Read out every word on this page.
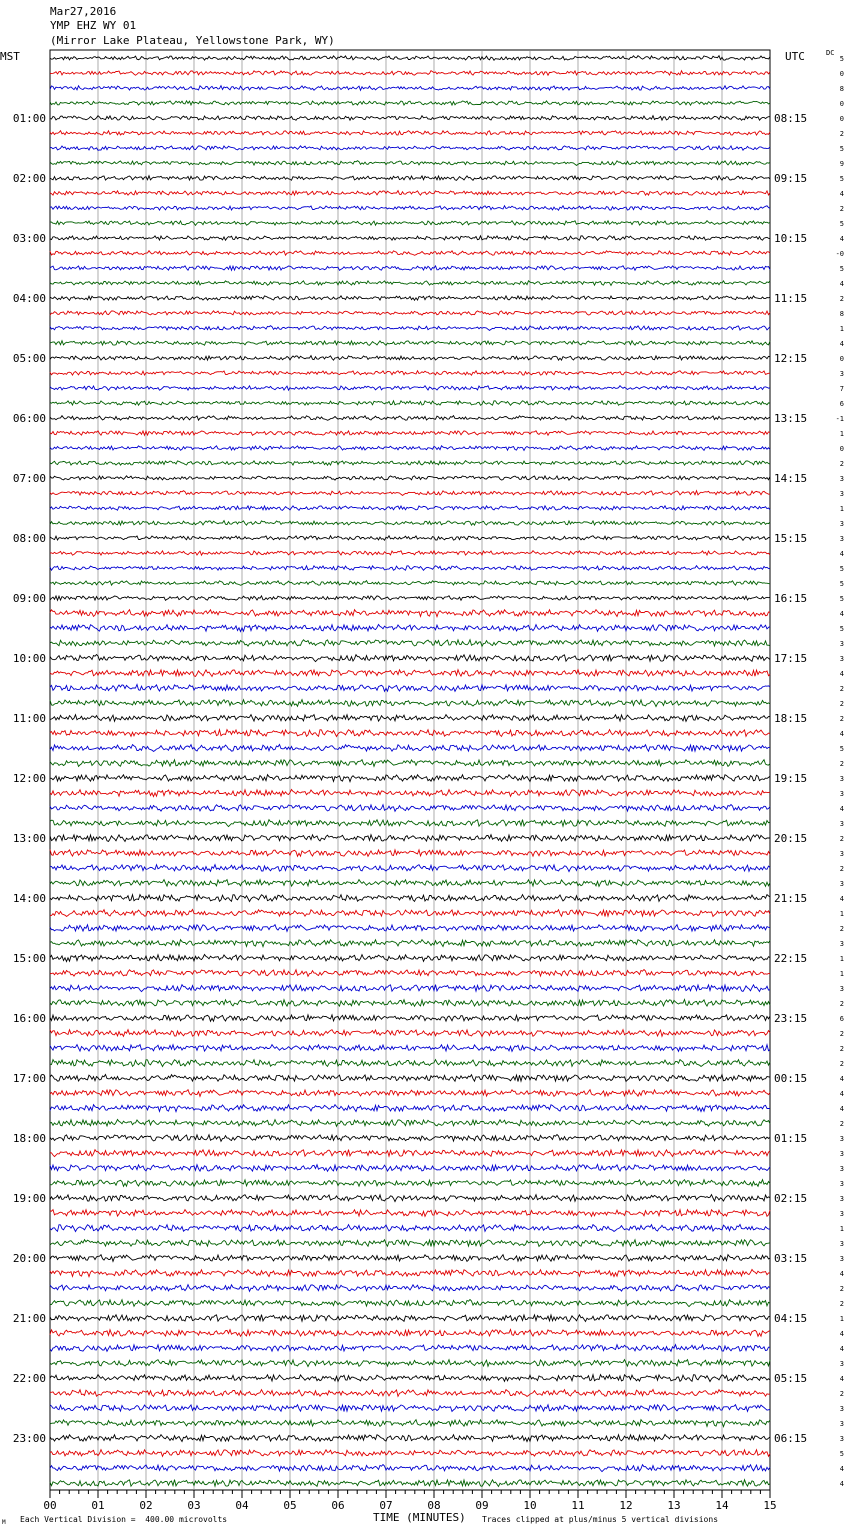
Mar27,2016
YMP EHZ WY 01
(Mirror Lake Plateau, Yellowstone Park, WY)
MST	UTC	DC
01:00
02:00
03:00
04:00
05:00
06:00
07:00
08:00
09:00
10:00
11:00
12:00
13:00
14:00
15:00
16:00
17:00
18:00
19:00
20:00
21:00
22:00
23:00
08:15
09:15
10:15
11:15
12:15
13:15
14:15
15:15
16:15
17:15
18:15
19:15
20:15
21:15
22:15
23:15
00:15
01:15
02:15
03:15
04:15
05:15
06:15
5
0
8
0
0
2
5
9
5
4
2
5
4
-0
5
4
2
8
1
4
0
3
7
6
-1
1
0
2
3
3
1
3
3
4
5
5
5
4
5
3
3
4
2
2
2
4
5
2
3
3
4
3
2
3
2
3
4
1
2
3
1
1
3
2
6
2
2
2
4
4
4
2
3
3
3
3
3
3
1
3
3
4
2
2
1
4
4
3
4
2
3
3
3
5
4
4
00	01	02	03	04	05	06	07	08	09	10	11	12	13	14	15
M Each Vertical Division =  400.00 microvolts	TIME (MINUTES) Traces clipped at plus/minus 5 vertical divisions
